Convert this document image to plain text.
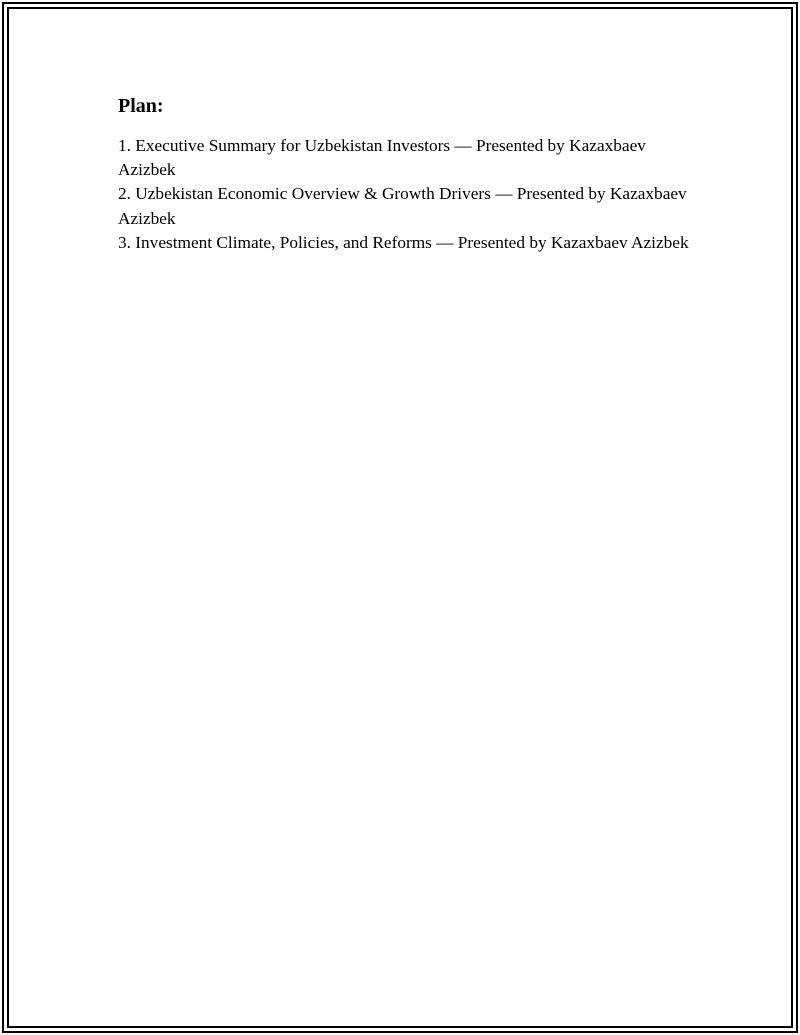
Plan:
1. Executive Summary for Uzbekistan Investors — Presented by Kazaxbaev Azizbek
2. Uzbekistan Economic Overview & Growth Drivers — Presented by Kazaxbaev Azizbek
3. Investment Climate, Policies, and Reforms — Presented by Kazaxbaev Azizbek
